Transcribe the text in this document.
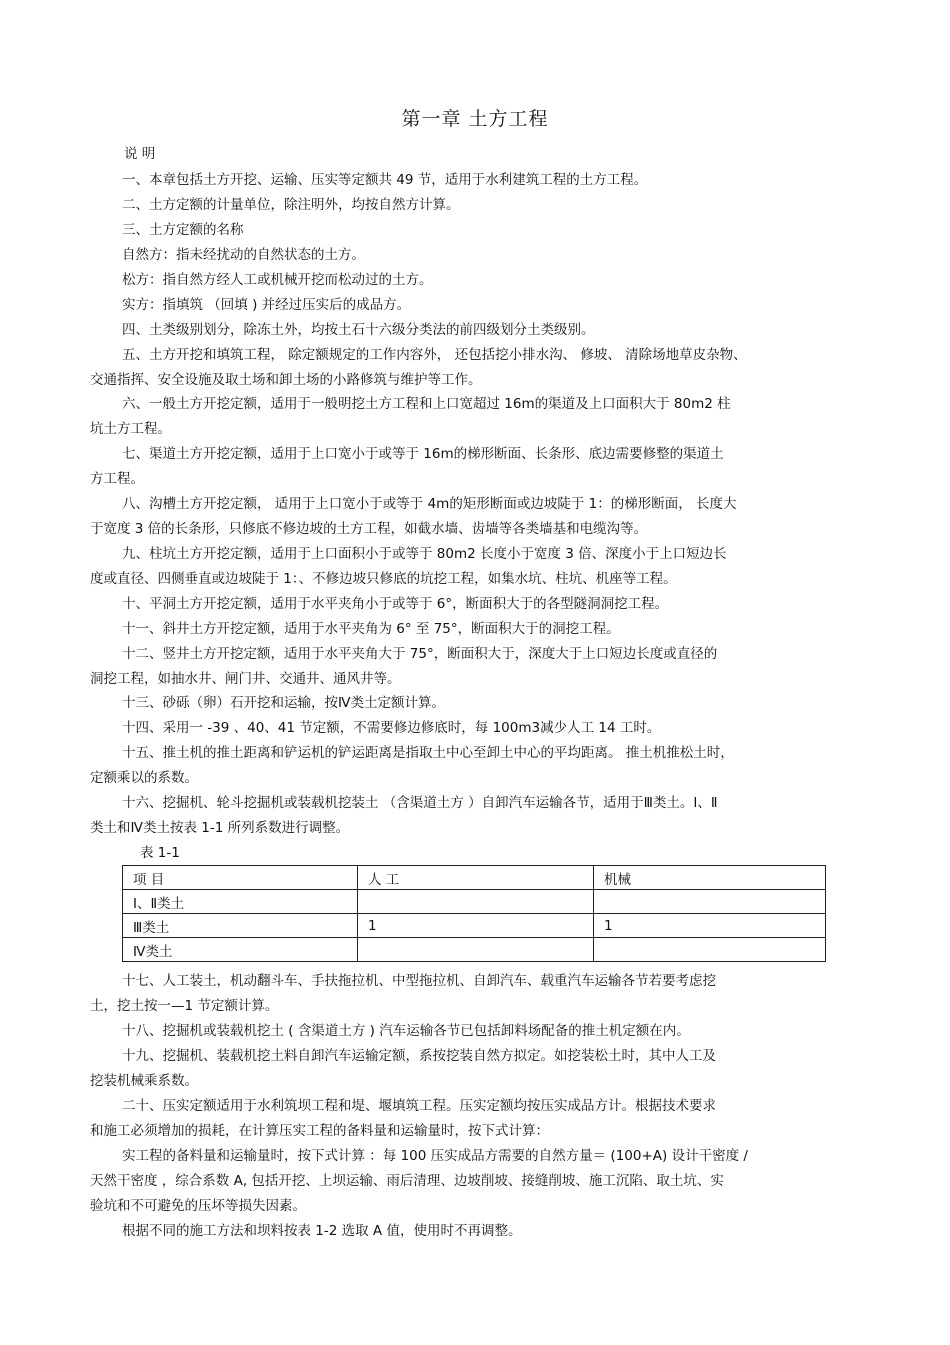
第一章 土方工程
说 明
一、本章包括土方开挖、运输、压实等定额共 49 节，适用于水利建筑工程的土方工程。
二、土方定额的计量单位，除注明外，均按自然方计算。
三、土方定额的名称
自然方：指未经扰动的自然状态的土方。
松方：指自然方经人工或机械开挖而松动过的土方。
实方：指填筑 （回填 ) 并经过压实后的成品方。
四、土类级别划分，除冻土外，均按土石十六级分类法的前四级划分土类级别。
五、土方开挖和填筑工程， 除定额规定的工作内容外， 还包括挖小排水沟、 修坡、 清除场地草皮杂物、
交通指挥、安全设施及取土场和卸土场的小路修筑与维护等工作。
六、一般土方开挖定额，适用于一般明挖土方工程和上口宽超过 16m的渠道及上口面积大于 80m2 柱
坑土方工程。
七、渠道土方开挖定额，适用于上口宽小于或等于 16m的梯形断面、长条形、底边需要修整的渠道土
方工程。
八、沟槽土方开挖定额， 适用于上口宽小于或等于 4m的矩形断面或边坡陡于 1：的梯形断面， 长度大
于宽度 3 倍的长条形，只修底不修边坡的土方工程，如截水墙、齿墙等各类墙基和电缆沟等。
九、柱坑土方开挖定额，适用于上口面积小于或等于 80m2 长度小于宽度 3 倍、深度小于上口短边长
度或直径、四侧垂直或边坡陡于 1：、不修边坡只修底的坑挖工程，如集水坑、柱坑、机座等工程。
十、平洞土方开挖定额，适用于水平夹角小于或等于 6°，断面积大于的各型隧洞洞挖工程。
十一、斜井土方开挖定额，适用于水平夹角为 6° 至 75°，断面积大于的洞挖工程。
十二、竖井土方开挖定额，适用于水平夹角大于 75°，断面积大于，深度大于上口短边长度或直径的
洞挖工程，如抽水井、闸门井、交通井、通风井等。
十三、砂砾（卵）石开挖和运输，按Ⅳ类土定额计算。
十四、采用一 -39 、40、41 节定额，不需要修边修底时，每 100m3减少人工 14 工时。
十五、推土机的推土距离和铲运机的铲运距离是指取土中心至卸土中心的平均距离。 推土机推松土时，
定额乘以的系数。
十六、挖掘机、轮斗挖掘机或装载机挖装土 （含渠道土方 ）自卸汽车运输各节，适用于Ⅲ类土。Ⅰ、Ⅱ
类土和Ⅳ类土按表 1-1 所列系数进行调整。
表 1-1
项 目	人 工	机械
Ⅰ、Ⅱ类土		
Ⅲ类土	1	1
Ⅳ类土		
十七、人工装土，机动翻斗车、手扶拖拉机、中型拖拉机、自卸汽车、载重汽车运输各节若要考虑挖
土，挖土按一—1 节定额计算。
十八、挖掘机或装载机挖土 ( 含渠道土方 ) 汽车运输各节已包括卸料场配备的推土机定额在内。
十九、挖掘机、装载机挖土料自卸汽车运输定额，系按挖装自然方拟定。如挖装松土时，其中人工及
挖装机械乘系数。
二十、压实定额适用于水利筑坝工程和堤、堰填筑工程。压实定额均按压实成品方计。根据技术要求
和施工必须增加的损耗，在计算压实工程的备料量和运输量时，按下式计算：
实工程的备料量和运输量时，按下式计算 ：每 100 压实成品方需要的自然方量＝ (100+A) 设计干密度 /
天然干密度 ，综合系数 A, 包括开挖、上坝运输、雨后清理、边坡削坡、接缝削坡、施工沉陷、取土坑、实
验坑和不可避免的压坏等损失因素。
根据不同的施工方法和坝料按表 1-2 选取 A 值，使用时不再调整。
